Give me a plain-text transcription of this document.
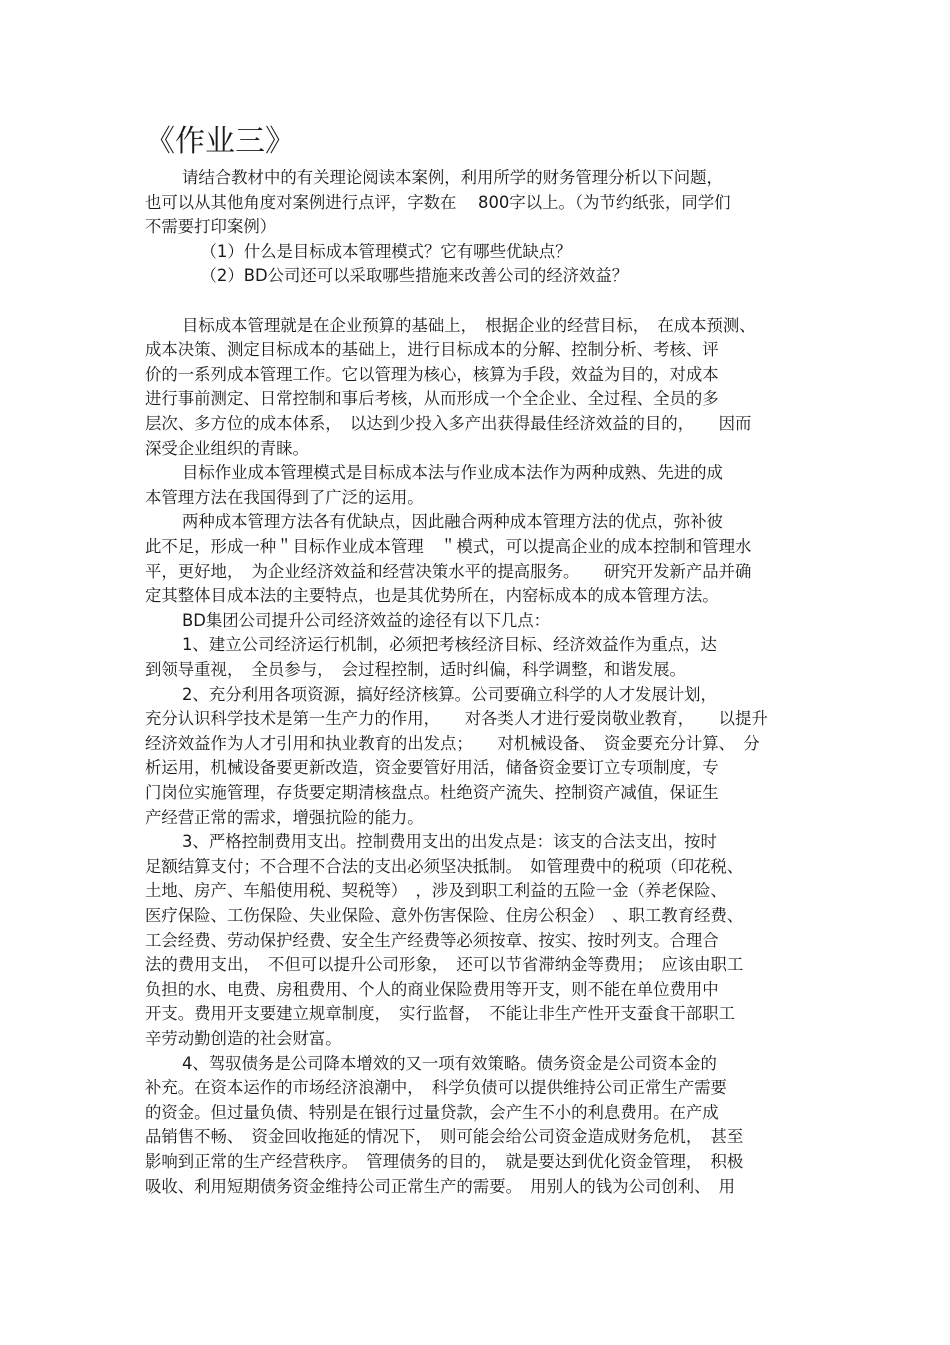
《作业三》
请结合教材中的有关理论阅读本案例，利用所学的财务管理分析以下问题，
也可以从其他角度对案例进行点评，字数在　 800字以上。（为节约纸张，同学们
不需要打印案例）
（1）什么是目标成本管理模式？它有哪些优缺点？
（2）BD公司还可以采取哪些措施来改善公司的经济效益？
目标成本管理就是在企业预算的基础上，　根据企业的经营目标，　在成本预测、
成本决策、测定目标成本的基础上，进行目标成本的分解、控制分析、考核、评
价的一系列成本管理工作。它以管理为核心，核算为手段，效益为目的，对成本
进行事前测定、日常控制和事后考核，从而形成一个全企业、全过程、全员的多
层次、多方位的成本体系，　以达到少投入多产出获得最佳经济效益的目的，　　因而
深受企业组织的青睐。
目标作业成本管理模式是目标成本法与作业成本法作为两种成熟、先进的成
本管理方法在我国得到了广泛的运用。
两种成本管理方法各有优缺点，因此融合两种成本管理方法的优点，弥补彼
此不足，形成一种＂目标作业成本管理　＂模式，可以提高企业的成本控制和管理水
平，更好地，　为企业经济效益和经营决策水平的提高服务。　　研究开发新产品并确
定其整体目成本法的主要特点，也是其优势所在，内窑标成本的成本管理方法。
BD集团公司提升公司经济效益的途径有以下几点：
1、建立公司经济运行机制，必须把考核经济目标、经济效益作为重点，达
到领导重视，　全员参与，　会过程控制，适时纠偏，科学调整，和谐发展。
2、充分利用各项资源，搞好经济核算。公司要确立科学的人才发展计划，
充分认识科学技术是第一生产力的作用，　　对各类人才进行爱岗敬业教育，　　以提升
经济效益作为人才引用和执业教育的出发点；　　对机械设备、　资金要充分计算、　分
析运用，机械设备要更新改造，资金要管好用活，储备资金要订立专项制度，专
门岗位实施管理，存货要定期清核盘点。杜绝资产流失、控制资产减值，保证生
产经营正常的需求，增强抗险的能力。
3、严格控制费用支出。控制费用支出的出发点是：该支的合法支出，按时
足额结算支付；不合理不合法的支出必须坚决抵制。　如管理费中的税项（印花税、
土地、房产、车船使用税、契税等）　，涉及到职工利益的五险一金（养老保险、
医疗保险、工伤保险、失业保险、意外伤害保险、住房公积金）　、职工教育经费、
工会经费、劳动保护经费、安全生产经费等必须按章、按实、按时列支。合理合
法的费用支出，　不但可以提升公司形象，　还可以节省滞纳金等费用；　应该由职工
负担的水、电费、房租费用、个人的商业保险费用等开支，则不能在单位费用中
开支。费用开支要建立规章制度，　实行监督，　不能让非生产性开支蚕食干部职工
辛劳动勤创造的社会财富。
4、驾驭债务是公司降本增效的又一项有效策略。债务资金是公司资本金的
补充。在资本运作的市场经济浪潮中，　科学负债可以提供维持公司正常生产需要
的资金。但过量负债、特别是在银行过量贷款，会产生不小的利息费用。在产成
品销售不畅、　资金回收拖延的情况下，　则可能会给公司资金造成财务危机，　甚至
影响到正常的生产经营秩序。　管理债务的目的，　就是要达到优化资金管理，　积极
吸收、利用短期债务资金维持公司正常生产的需要。　用别人的钱为公司创利、　用
